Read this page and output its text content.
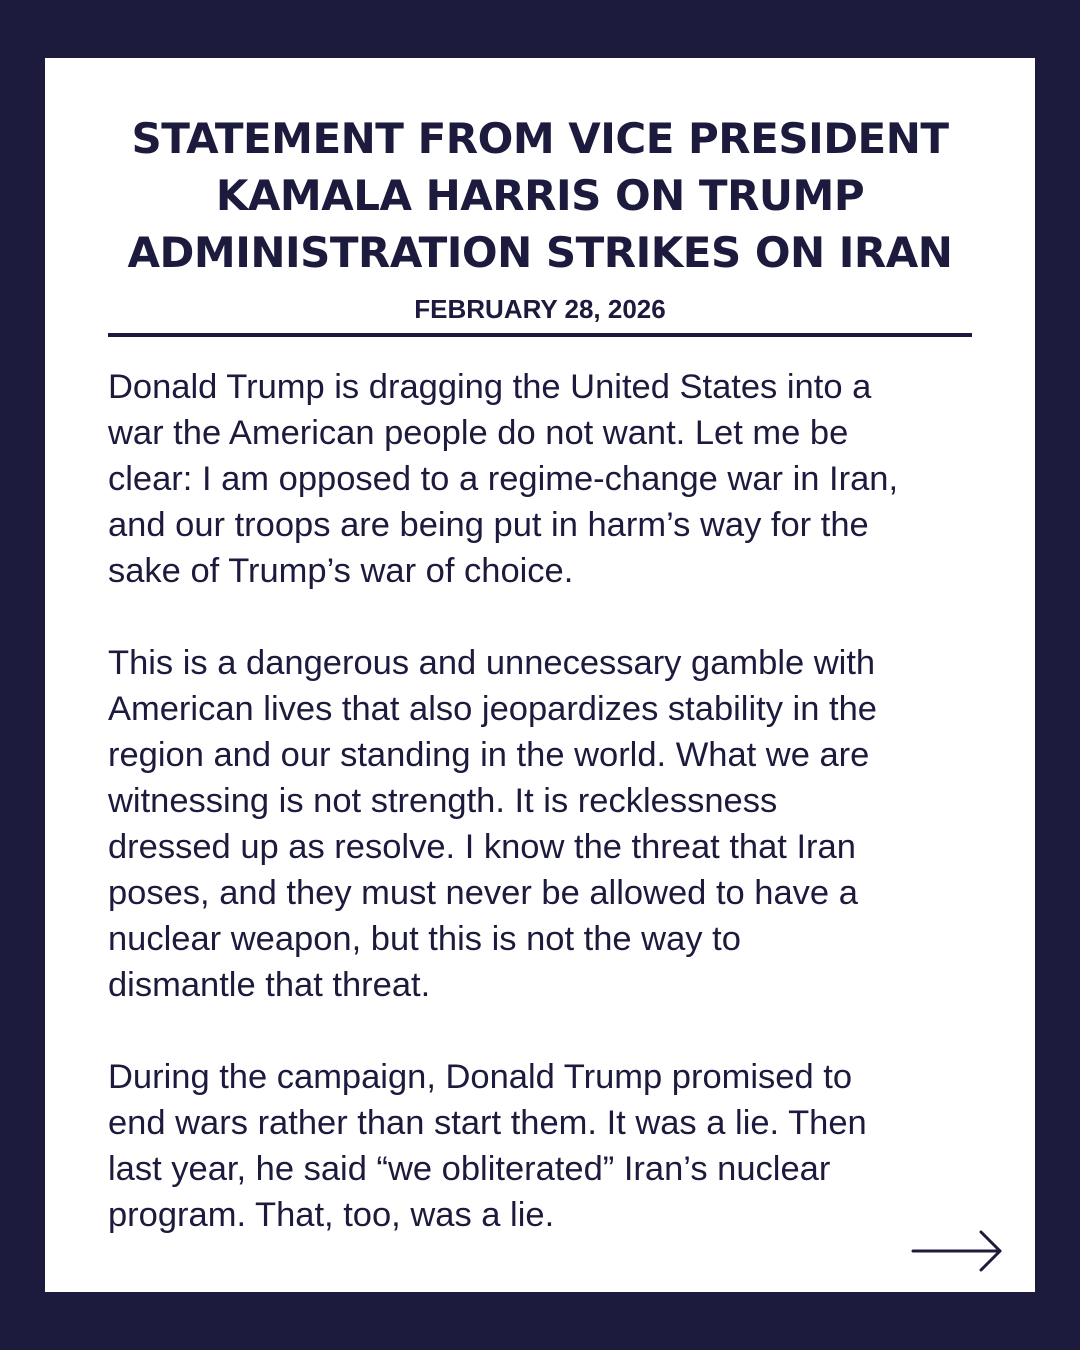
STATEMENT FROM VICE PRESIDENT
KAMALA HARRIS ON TRUMP
ADMINISTRATION STRIKES ON IRAN
FEBRUARY 28, 2026
Donald Trump is dragging the United States into a
war the American people do not want. Let me be
clear: I am opposed to a regime-change war in Iran,
and our troops are being put in harm’s way for the
sake of Trump’s war of choice.
This is a dangerous and unnecessary gamble with
American lives that also jeopardizes stability in the
region and our standing in the world. What we are
witnessing is not strength. It is recklessness
dressed up as resolve. I know the threat that Iran
poses, and they must never be allowed to have a
nuclear weapon, but this is not the way to
dismantle that threat.
During the campaign, Donald Trump promised to
end wars rather than start them. It was a lie. Then
last year, he said “we obliterated” Iran’s nuclear
program. That, too, was a lie.
